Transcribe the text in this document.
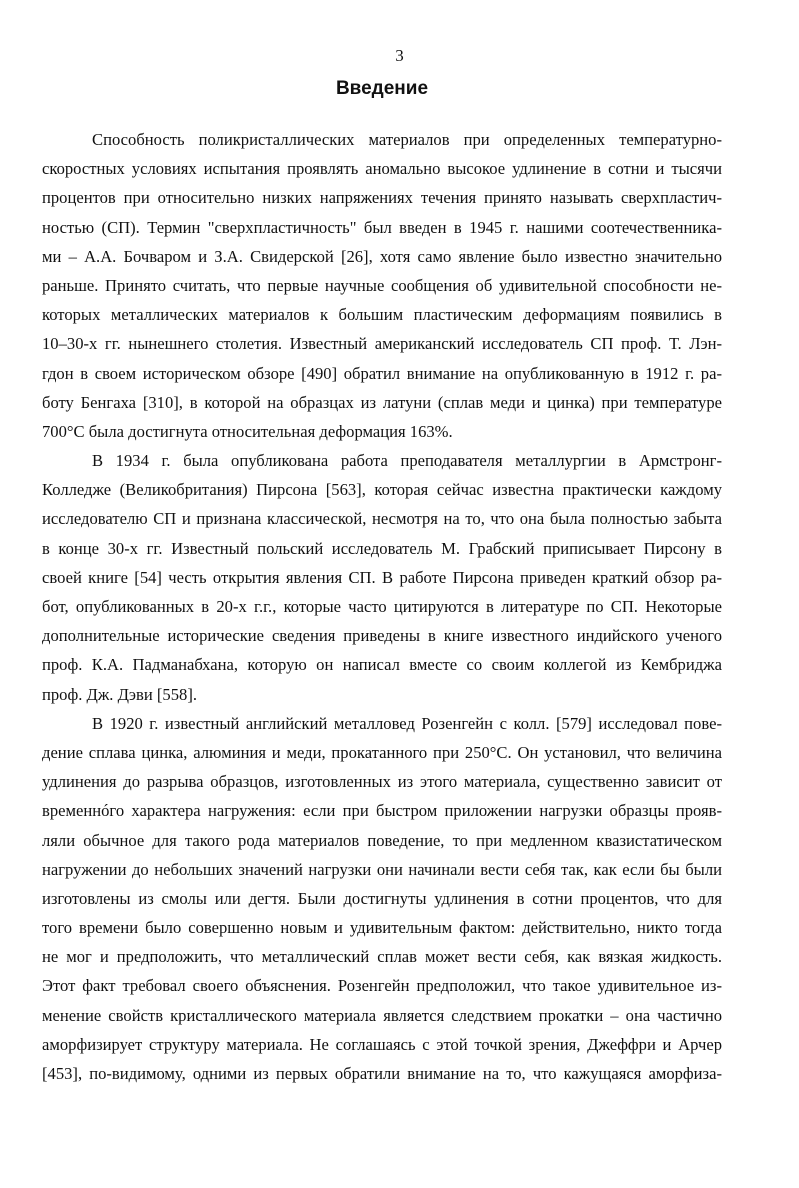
3
Введение
Способность поликристаллических материалов при определенных температурно-
скоростных условиях испытания проявлять аномально высокое удлинение в сотни и тысячи
процентов при относительно низких напряжениях течения принято называть сверхпластич-
ностью (СП). Термин "сверхпластичность" был введен в 1945 г. нашими соотечественника-
ми – А.А. Бочваром и З.А. Свидерской [26], хотя само явление было известно значительно
раньше. Принято считать, что первые научные сообщения об удивительной способности не-
которых металлических материалов к большим пластическим деформациям появились в
10–30-х гг. нынешнего столетия. Известный американский исследователь СП проф. Т. Лэн-
гдон в своем историческом обзоре [490] обратил внимание на опубликованную в 1912 г. ра-
боту Бенгаха [310], в которой на образцах из латуни (сплав меди и цинка) при температуре
700°С была достигнута относительная деформация 163%.
В 1934 г. была опубликована работа преподавателя металлургии в Армстронг-
Колледже (Великобритания) Пирсона [563], которая сейчас известна практически каждому
исследователю СП и признана классической, несмотря на то, что она была полностью забыта
в конце 30-х гг. Известный польский исследователь М. Грабский приписывает Пирсону в
своей книге [54] честь открытия явления СП. В работе Пирсона приведен краткий обзор ра-
бот, опубликованных в 20-х г.г., которые часто цитируются в литературе по СП. Некоторые
дополнительные исторические сведения приведены в книге известного индийского ученого
проф. К.А. Падманабхана, которую он написал вместе со своим коллегой из Кембриджа
проф. Дж. Дэви [558].
В 1920 г. известный английский металловед Розенгейн с колл. [579] исследовал пове-
дение сплава цинка, алюминия и меди, прокатанного при 250°С. Он установил, что величина
удлинения до разрыва образцов, изготовленных из этого материала, существенно зависит от
временнóго характера нагружения: если при быстром приложении нагрузки образцы прояв-
ляли обычное для такого рода материалов поведение, то при медленном квазистатическом
нагружении до небольших значений нагрузки они начинали вести себя так, как если бы были
изготовлены из смолы или дегтя. Были достигнуты удлинения в сотни процентов, что для
того времени было совершенно новым и удивительным фактом: действительно, никто тогда
не мог и предположить, что металлический сплав может вести себя, как вязкая жидкость.
Этот факт требовал своего объяснения. Розенгейн предположил, что такое удивительное из-
менение свойств кристаллического материала является следствием прокатки – она частично
аморфизирует структуру материала. Не соглашаясь с этой точкой зрения, Джеффри и Арчер
[453], по-видимому, одними из первых обратили внимание на то, что кажущаяся аморфиза-
